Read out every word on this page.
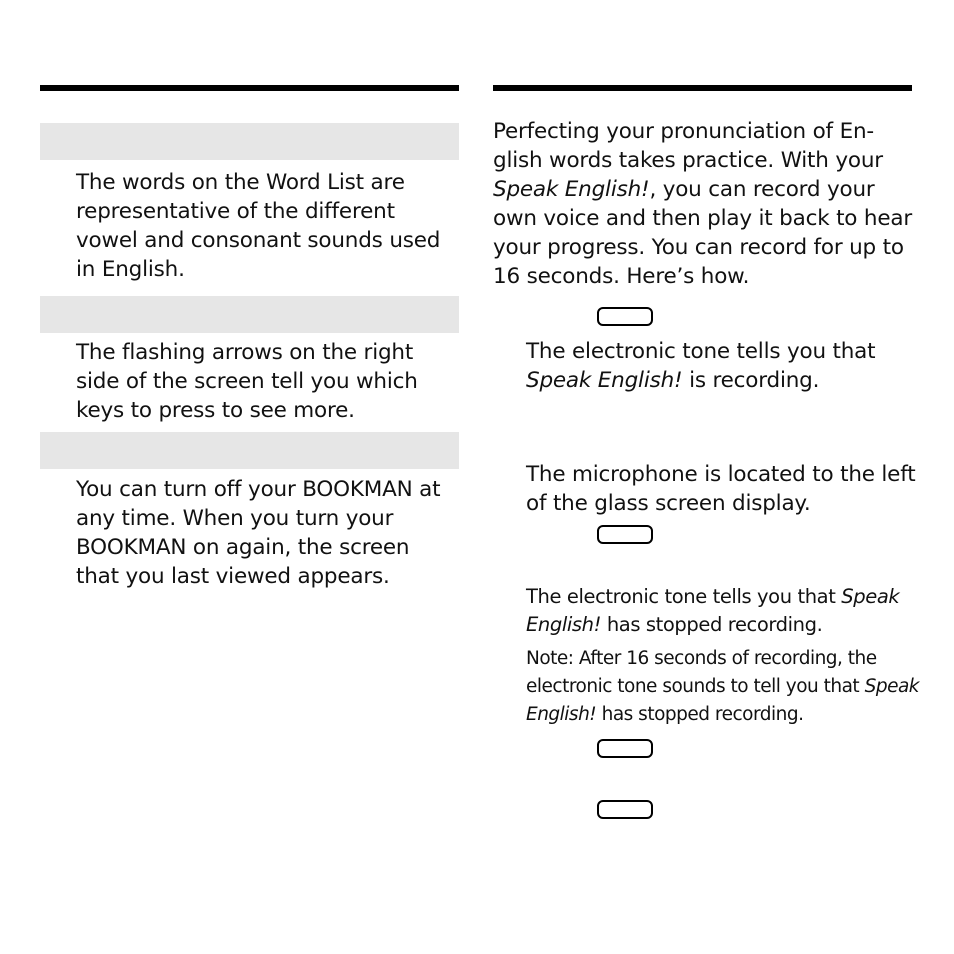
The words on the Word List are representative of the different vowel and consonant sounds used in English.

The flashing arrows on the right side of the screen tell you which keys to press to see more.

You can turn off your BOOKMAN at any time. When you turn your BOOKMAN on again, the screen that you last viewed appears.

Perfecting your pronunciation of En-glish words takes practice. With your Speak English!, you can record your own voice and then play it back to hear your progress. You can record for up to 16 seconds. Here’s how.

The electronic tone tells you that Speak English! is recording.

The microphone is located to the left of the glass screen display.

The electronic tone tells you that Speak English! has stopped recording.

Note: After 16 seconds of recording, the electronic tone sounds to tell you that Speak English! has stopped recording.
